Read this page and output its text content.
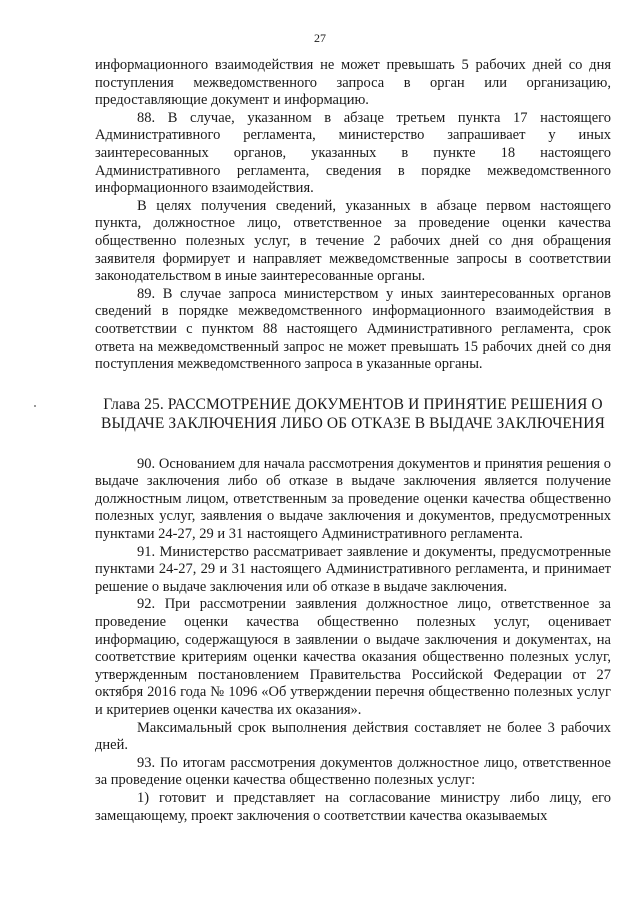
27

информационного взаимодействия не может превышать 5 рабочих дней со дня поступления межведомственного запроса в орган или организацию, предоставляющие документ и информацию.

88. В случае, указанном в абзаце третьем пункта 17 настоящего Административного регламента, министерство запрашивает у иных заинтересованных органов, указанных в пункте 18 настоящего Административного регламента, сведения в порядке межведомственного информационного взаимодействия.

В целях получения сведений, указанных в абзаце первом настоящего пункта, должностное лицо, ответственное за проведение оценки качества общественно полезных услуг, в течение 2 рабочих дней со дня обращения заявителя формирует и направляет межведомственные запросы в соответствии законодательством в иные заинтересованные органы.

89. В случае запроса министерством у иных заинтересованных органов сведений в порядке межведомственного информационного взаимодействия в соответствии с пунктом 88 настоящего Административного регламента, срок ответа на межведомственный запрос не может превышать 15 рабочих дней со дня поступления межведомственного запроса в указанные органы.

Глава 25. РАССМОТРЕНИЕ ДОКУМЕНТОВ И ПРИНЯТИЕ РЕШЕНИЯ О ВЫДАЧЕ ЗАКЛЮЧЕНИЯ ЛИБО ОБ ОТКАЗЕ В ВЫДАЧЕ ЗАКЛЮЧЕНИЯ

90. Основанием для начала рассмотрения документов и принятия решения о выдаче заключения либо об отказе в выдаче заключения является получение должностным лицом, ответственным за проведение оценки качества общественно полезных услуг, заявления о выдаче заключения и документов, предусмотренных пунктами 24-27, 29 и 31 настоящего Административного регламента.

91. Министерство рассматривает заявление и документы, предусмотренные пунктами 24-27, 29 и 31 настоящего Административного регламента, и принимает решение о выдаче заключения или об отказе в выдаче заключения.

92. При рассмотрении заявления должностное лицо, ответственное за проведение оценки качества общественно полезных услуг, оценивает информацию, содержащуюся в заявлении о выдаче заключения и документах, на соответствие критериям оценки качества оказания общественно полезных услуг, утвержденным постановлением Правительства Российской Федерации от 27 октября 2016 года № 1096 «Об утверждении перечня общественно полезных услуг и критериев оценки качества их оказания».

Максимальный срок выполнения действия составляет не более 3 рабочих дней.

93. По итогам рассмотрения документов должностное лицо, ответственное за проведение оценки качества общественно полезных услуг:

1) готовит и представляет на согласование министру либо лицу, его замещающему, проект заключения о соответствии качества оказываемых
